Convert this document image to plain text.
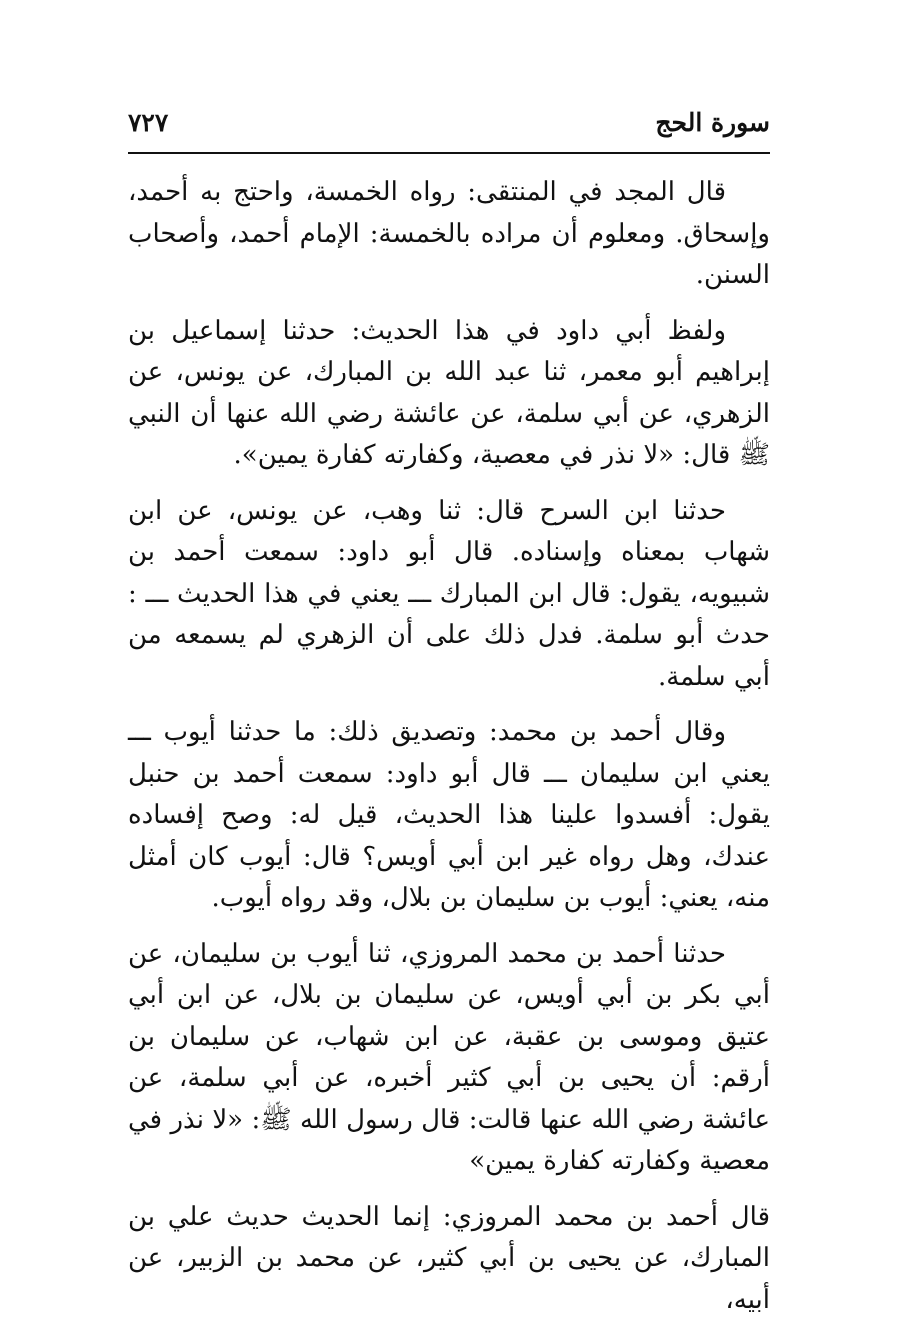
سورة الحج
٧٢٧

قال المجد في المنتقى: رواه الخمسة، واحتج به أحمد، وإسحاق. ومعلوم أن مراده بالخمسة: الإمام أحمد، وأصحاب السنن.

ولفظ أبي داود في هذا الحديث: حدثنا إسماعيل بن إبراهيم أبو معمر، ثنا عبد الله بن المبارك، عن يونس، عن الزهري، عن أبي سلمة، عن عائشة رضي الله عنها أن النبي ﷺ قال: «لا نذر في معصية، وكفارته كفارة يمين».

حدثنا ابن السرح قال: ثنا وهب، عن يونس، عن ابن شهاب بمعناه وإسناده. قال أبو داود: سمعت أحمد بن شبيويه، يقول: قال ابن المبارك ـــ يعني في هذا الحديث ـــ : حدث أبو سلمة. فدل ذلك على أن الزهري لم يسمعه من أبي سلمة.

وقال أحمد بن محمد: وتصديق ذلك: ما حدثنا أيوب ـــ يعني ابن سليمان ـــ قال أبو داود: سمعت أحمد بن حنبل يقول: أفسدوا علينا هذا الحديث، قيل له: وصح إفساده عندك، وهل رواه غير ابن أبي أويس؟ قال: أيوب كان أمثل منه، يعني: أيوب بن سليمان بن بلال، وقد رواه أيوب.

حدثنا أحمد بن محمد المروزي، ثنا أيوب بن سليمان، عن أبي بكر بن أبي أويس، عن سليمان بن بلال، عن ابن أبي عتيق وموسى بن عقبة، عن ابن شهاب، عن سليمان بن أرقم: أن يحيى بن أبي كثير أخبره، عن أبي سلمة، عن عائشة رضي الله عنها قالت: قال رسول الله ﷺ: «لا نذر في معصية وكفارته كفارة يمين»

قال أحمد بن محمد المروزي: إنما الحديث حديث علي بن المبارك، عن يحيى بن أبي كثير، عن محمد بن الزبير، عن أبيه،
